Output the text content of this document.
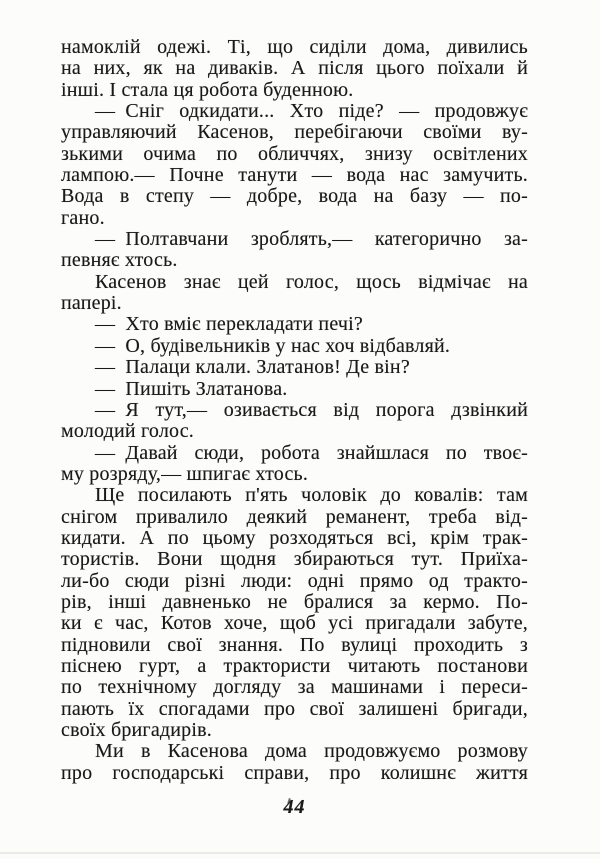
намоклій одежі. Ті, що сиділи дома, дивились
на них, як на диваків. А після цього поїхали й
інші. І стала ця робота буденною.
— Сніг одкидати... Хто піде? — продовжує
управляючий Касенов, перебігаючи своїми ву-
зькими очима по обличчях, знизу освітлених
лампою.— Почне танути — вода нас замучить.
Вода в степу — добре, вода на базу — по-
гано.
— Полтавчани зроблять,— категорично за-
певняє хтось.
Касенов знає цей голос, щось відмічає на
папері.
— Хто вміє перекладати печі?
— О, будівельників у нас хоч відбавляй.
— Палаци клали. Златанов! Де він?
— Пишіть Златанова.
— Я тут,— озивається від порога дзвінкий
молодий голос.
— Давай сюди, робота знайшлася по твоє-
му розряду,— шпигає хтось.
Ще посилають п'ять чоловік до ковалів: там
снігом привалило деякий реманент, треба від-
кидати. А по цьому розходяться всі, крім трак-
тористів. Вони щодня збираються тут. Приїха-
ли-бо сюди різні люди: одні прямо од тракто-
рів, інші давненько не бралися за кермо. По-
ки є час, Котов хоче, щоб усі пригадали забуте,
підновили свої знання. По вулиці проходить з
піснею гурт, а трактористи читають постанови
по технічному догляду за машинами і переси-
пають їх спогадами про свої залишені бригади,
своїх бригадирів.
Ми в Касенова дома продовжуємо розмову
про господарські справи, про колишнє життя
44
